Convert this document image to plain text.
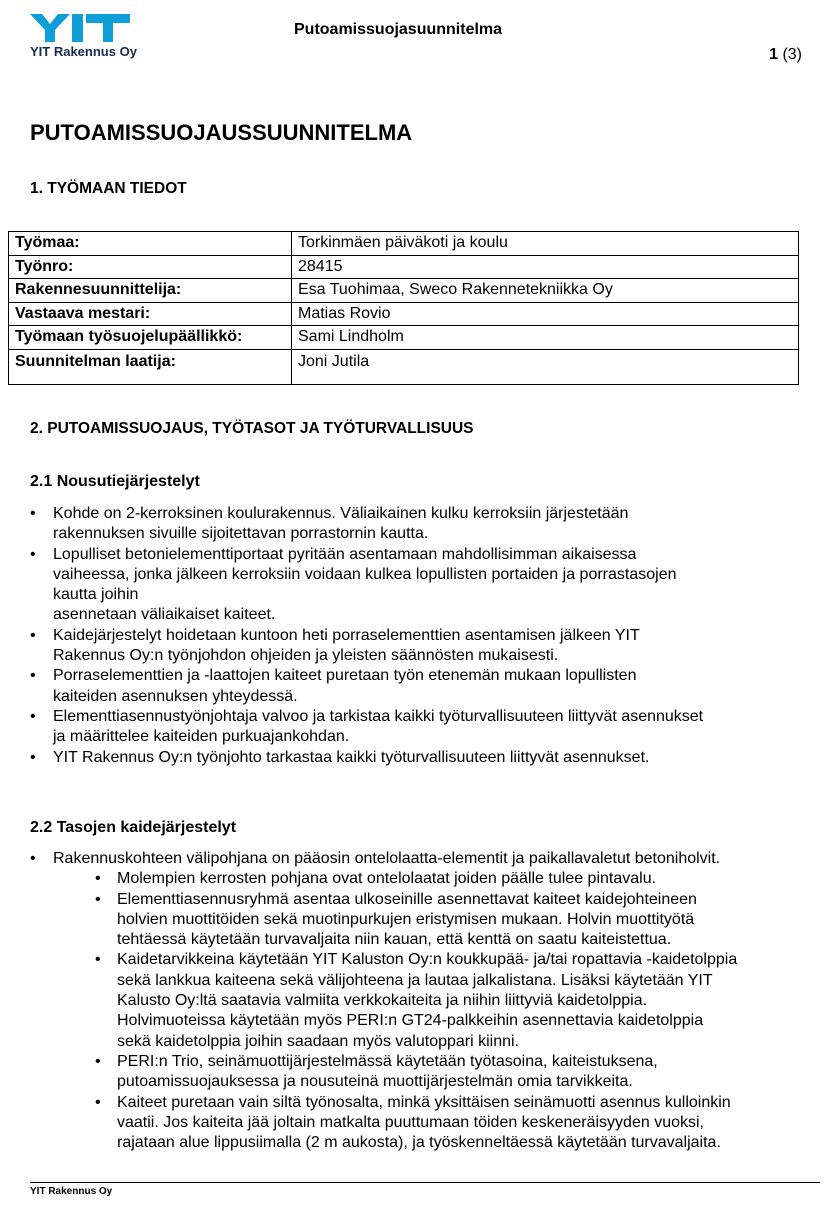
YIT Rakennus Oy
Putoamissuojasuunnitelma
1 (3)
PUTOAMISSUOJAUSSUUNNITELMA
1. TYÖMAAN TIEDOT
Työmaa:	Torkinmäen päiväkoti ja koulu
Työnro:	28415
Rakennesuunnittelija:	Esa Tuohimaa, Sweco Rakennetekniikka Oy
Vastaava mestari:	Matias Rovio
Työmaan työsuojelupäällikkö:	Sami Lindholm
Suunnitelman laatija:	Joni Jutila
2. PUTOAMISSUOJAUS, TYÖTASOT JA TYÖTURVALLISUUS
2.1 Nousutiejärjestelyt
• Kohde on 2-kerroksinen koulurakennus. Väliaikainen kulku kerroksiin järjestetään
rakennuksen sivuille sijoitettavan porrastornin kautta.
• Lopulliset betonielementtiportaat pyritään asentamaan mahdollisimman aikaisessa
vaiheessa, jonka jälkeen kerroksiin voidaan kulkea lopullisten portaiden ja porrastasojen
kautta joihin
asennetaan väliaikaiset kaiteet.
• Kaidejärjestelyt hoidetaan kuntoon heti porraselementtien asentamisen jälkeen YIT
Rakennus Oy:n työnjohdon ohjeiden ja yleisten säännösten mukaisesti.
• Porraselementtien ja -laattojen kaiteet puretaan työn etenemän mukaan lopullisten
kaiteiden asennuksen yhteydessä.
• Elementtiasennustyönjohtaja valvoo ja tarkistaa kaikki työturvallisuuteen liittyvät asennukset
ja määrittelee kaiteiden purkuajankohdan.
• YIT Rakennus Oy:n työnjohto tarkastaa kaikki työturvallisuuteen liittyvät asennukset.
2.2 Tasojen kaidejärjestelyt
• Rakennuskohteen välipohjana on pääosin ontelolaatta-elementit ja paikallavaletut betoniholvit.
• Molempien kerrosten pohjana ovat ontelolaatat joiden päälle tulee pintavalu.
• Elementtiasennusryhmä asentaa ulkoseinille asennettavat kaiteet kaidejohteineen
holvien muottitöiden sekä muotinpurkujen eristymisen mukaan. Holvin muottityötä
tehtäessä käytetään turvavaljaita niin kauan, että kenttä on saatu kaiteistettua.
• Kaidetarvikkeina käytetään YIT Kaluston Oy:n koukkupää- ja/tai ropattavia -kaidetolppia
sekä lankkua kaiteena sekä välijohteena ja lautaa jalkalistana. Lisäksi käytetään YIT
Kalusto Oy:ltä saatavia valmiita verkkokaiteita ja niihin liittyviä kaidetolppia.
Holvimuoteissa käytetään myös PERI:n GT24-palkkeihin asennettavia kaidetolppia
sekä kaidetolppia joihin saadaan myös valutoppari kiinni.
• PERI:n Trio, seinämuottijärjestelmässä käytetään työtasoina, kaiteistuksena,
putoamissuojauksessa ja nousuteinä muottijärjestelmän omia tarvikkeita.
• Kaiteet puretaan vain siltä työnosalta, minkä yksittäisen seinämuotti asennus kulloinkin
vaatii. Jos kaiteita jää joltain matkalta puuttumaan töiden keskeneräisyyden vuoksi,
rajataan alue lippusiimalla (2 m aukosta), ja työskenneltäessä käytetään turvavaljaita.
YIT Rakennus Oy
